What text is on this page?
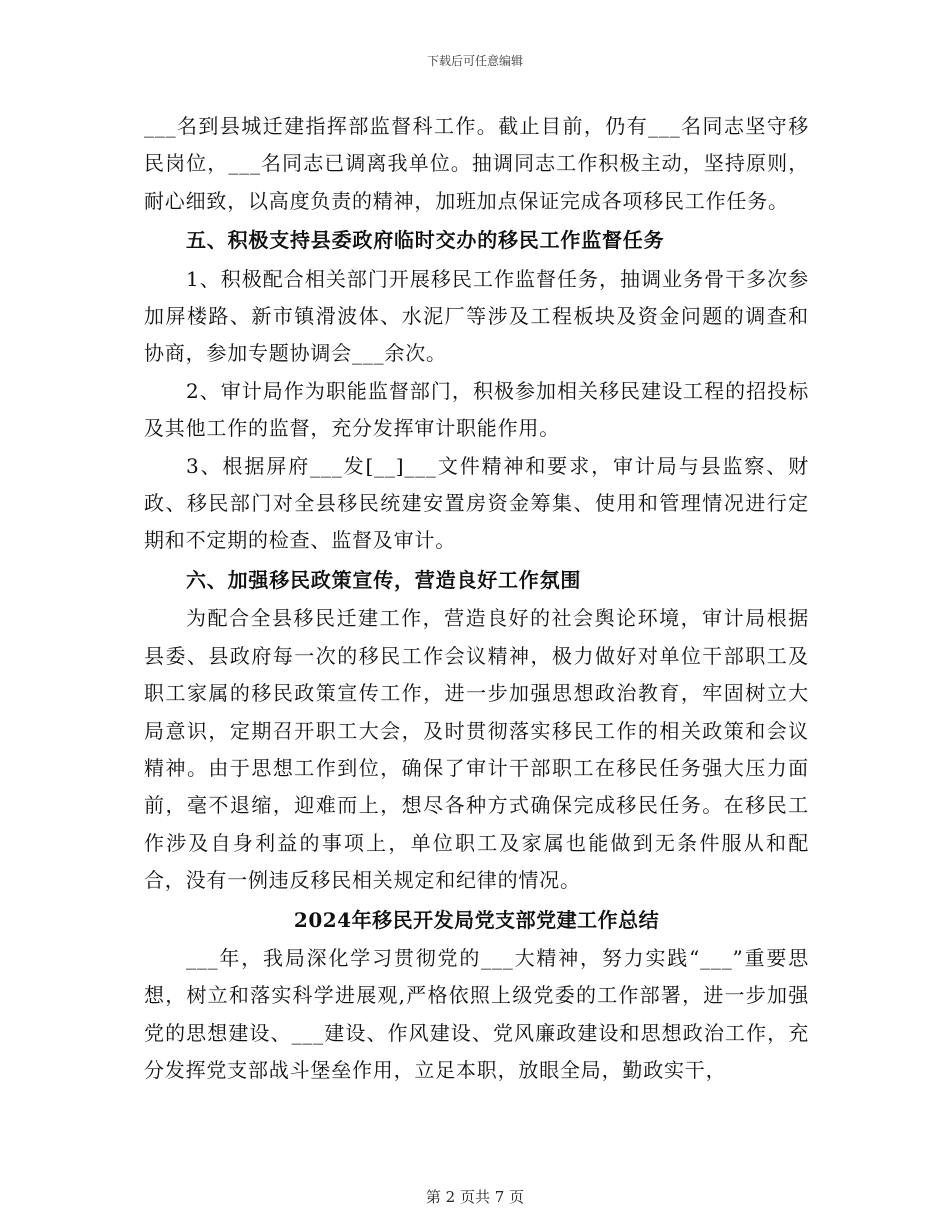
下载后可任意编辑

___名到县城迁建指挥部监督科工作。截止目前，仍有___名同志坚守移民岗位，___名同志已调离我单位。抽调同志工作积极主动，坚持原则，耐心细致，以高度负责的精神，加班加点保证完成各项移民工作任务。

五、积极支持县委政府临时交办的移民工作监督任务

1、积极配合相关部门开展移民工作监督任务，抽调业务骨干多次参加屏楼路、新市镇滑波体、水泥厂等涉及工程板块及资金问题的调查和协商，参加专题协调会___余次。

2、审计局作为职能监督部门，积极参加相关移民建设工程的招投标及其他工作的监督，充分发挥审计职能作用。

3、根据屏府___发[__]___文件精神和要求，审计局与县监察、财政、移民部门对全县移民统建安置房资金筹集、使用和管理情况进行定期和不定期的检查、监督及审计。

六、加强移民政策宣传，营造良好工作氛围

为配合全县移民迁建工作，营造良好的社会舆论环境，审计局根据县委、县政府每一次的移民工作会议精神，极力做好对单位干部职工及职工家属的移民政策宣传工作，进一步加强思想政治教育，牢固树立大局意识，定期召开职工大会，及时贯彻落实移民工作的相关政策和会议精神。由于思想工作到位，确保了审计干部职工在移民任务强大压力面前，毫不退缩，迎难而上，想尽各种方式确保完成移民任务。在移民工作涉及自身利益的事项上，单位职工及家属也能做到无条件服从和配合，没有一例违反移民相关规定和纪律的情况。

2024年移民开发局党支部党建工作总结

___年，我局深化学习贯彻党的___大精神，努力实践“___”重要思想，树立和落实科学进展观,严格依照上级党委的工作部署，进一步加强党的思想建设、___建设、作风建设、党风廉政建设和思想政治工作，充分发挥党支部战斗堡垒作用，立足本职，放眼全局，勤政实干，

第 2 页共 7 页
